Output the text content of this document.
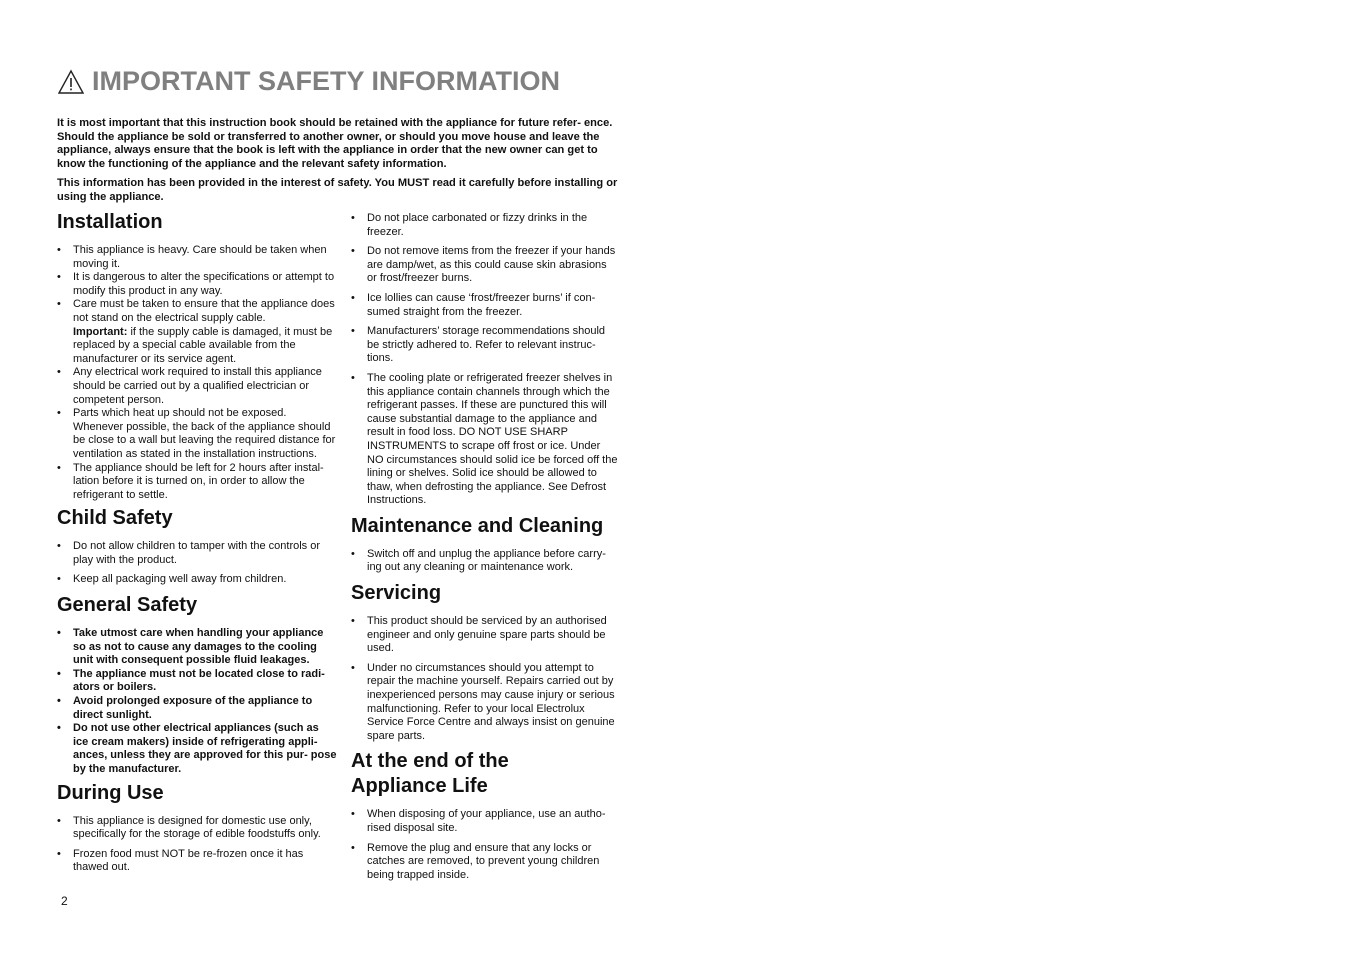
IMPORTANT SAFETY INFORMATION

It is most important that this instruction book should be retained with the appliance for future refer- ence. Should the appliance be sold or transferred to another owner, or should you move house and leave the appliance, always ensure that the book is left with the appliance in order that the new owner can get to know the functioning of the appliance and the relevant safety information.

This information has been provided in the interest of safety. You MUST read it carefully before installing or using the appliance.

Installation
• This appliance is heavy. Care should be taken when moving it.
• It is dangerous to alter the specifications or attempt to modify this product in any way.
• Care must be taken to ensure that the appliance does not stand on the electrical supply cable.
Important: if the supply cable is damaged, it must be replaced by a special cable available from the manufacturer or its service agent.
• Any electrical work required to install this appliance should be carried out by a qualified electrician or competent person.
• Parts which heat up should not be exposed. Whenever possible, the back of the appliance should be close to a wall but leaving the required distance for ventilation as stated in the installation instructions.
• The appliance should be left for 2 hours after instal- lation before it is turned on, in order to allow the refrigerant to settle.
Child Safety
• Do not allow children to tamper with the controls or play with the product.
• Keep all packaging well away from children.
General Safety
• Take utmost care when handling your appliance so as not to cause any damages to the cooling unit with consequent possible fluid leakages.
• The appliance must not be located close to radi- ators or boilers.
• Avoid prolonged exposure of the appliance to direct sunlight.
• Do not use other electrical appliances (such as ice cream makers) inside of refrigerating appli- ances, unless they are approved for this pur- pose by the manufacturer.
During Use
• This appliance is designed for domestic use only, specifically for the storage of edible foodstuffs only.
• Frozen food must NOT be re-frozen once it has thawed out.
• Do not place carbonated or fizzy drinks in the freezer.
• Do not remove items from the freezer if your hands are damp/wet, as this could cause skin abrasions or frost/freezer burns.
• Ice lollies can cause ‘frost/freezer burns’ if con- sumed straight from the freezer.
• Manufacturers’ storage recommendations should be strictly adhered to. Refer to relevant instruc- tions.
• The cooling plate or refrigerated freezer shelves in this appliance contain channels through which the refrigerant passes. If these are punctured this will cause substantial damage to the appliance and result in food loss. DO NOT USE SHARP INSTRUMENTS to scrape off frost or ice. Under NO circumstances should solid ice be forced off the lining or shelves. Solid ice should be allowed to thaw, when defrosting the appliance. See Defrost Instructions.
Maintenance and Cleaning
• Switch off and unplug the appliance before carry- ing out any cleaning or maintenance work.
Servicing
• This product should be serviced by an authorised engineer and only genuine spare parts should be used.
• Under no circumstances should you attempt to repair the machine yourself. Repairs carried out by inexperienced persons may cause injury or serious malfunctioning. Refer to your local Electrolux Service Force Centre and always insist on genuine spare parts.
At the end of the
Appliance Life
• When disposing of your appliance, use an autho- rised disposal site.
• Remove the plug and ensure that any locks or catches are removed, to prevent young children being trapped inside.
2
